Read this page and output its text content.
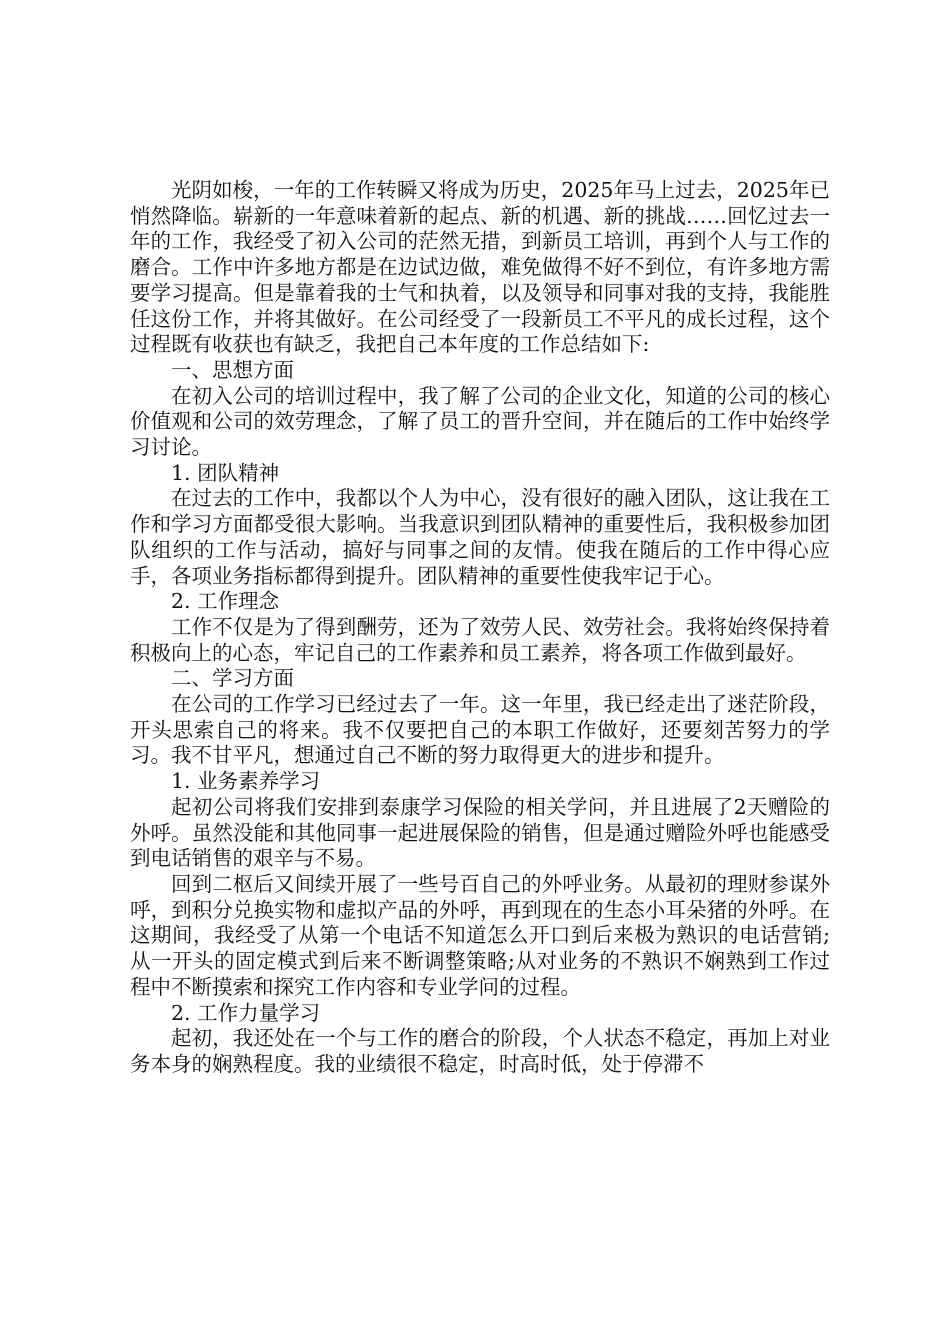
光阴如梭，一年的工作转瞬又将成为历史，2025年马上过去，2025年已悄然降临。崭新的一年意味着新的起点、新的机遇、新的挑战……回忆过去一年的工作，我经受了初入公司的茫然无措，到新员工培训，再到个人与工作的磨合。工作中许多地方都是在边试边做，难免做得不好不到位，有许多地方需要学习提高。但是靠着我的士气和执着，以及领导和同事对我的支持，我能胜任这份工作，并将其做好。在公司经受了一段新员工不平凡的成长过程，这个过程既有收获也有缺乏，我把自己本年度的工作总结如下:

一、思想方面

在初入公司的培训过程中，我了解了公司的企业文化，知道的公司的核心价值观和公司的效劳理念，了解了员工的晋升空间，并在随后的工作中始终学习讨论。

1. 团队精神

在过去的工作中，我都以个人为中心，没有很好的融入团队，这让我在工作和学习方面都受很大影响。当我意识到团队精神的重要性后，我积极参加团队组织的工作与活动，搞好与同事之间的友情。使我在随后的工作中得心应手，各项业务指标都得到提升。团队精神的重要性使我牢记于心。

2. 工作理念

工作不仅是为了得到酬劳，还为了效劳人民、效劳社会。我将始终保持着积极向上的心态，牢记自己的工作素养和员工素养，将各项工作做到最好。

二、学习方面

在公司的工作学习已经过去了一年。这一年里，我已经走出了迷茫阶段，开头思索自己的将来。我不仅要把自己的本职工作做好，还要刻苦努力的学习。我不甘平凡，想通过自己不断的努力取得更大的进步和提升。

1. 业务素养学习

起初公司将我们安排到泰康学习保险的相关学问，并且进展了2天赠险的外呼。虽然没能和其他同事一起进展保险的销售，但是通过赠险外呼也能感受到电话销售的艰辛与不易。

回到二枢后又间续开展了一些号百自己的外呼业务。从最初的理财参谋外呼，到积分兑换实物和虚拟产品的外呼，再到现在的生态小耳朵猪的外呼。在这期间，我经受了从第一个电话不知道怎么开口到后来极为熟识的电话营销;从一开头的固定模式到后来不断调整策略;从对业务的不熟识不娴熟到工作过程中不断摸索和探究工作内容和专业学问的过程。

2. 工作力量学习

起初，我还处在一个与工作的磨合的阶段，个人状态不稳定，再加上对业务本身的娴熟程度。我的业绩很不稳定，时高时低，处于停滞不
